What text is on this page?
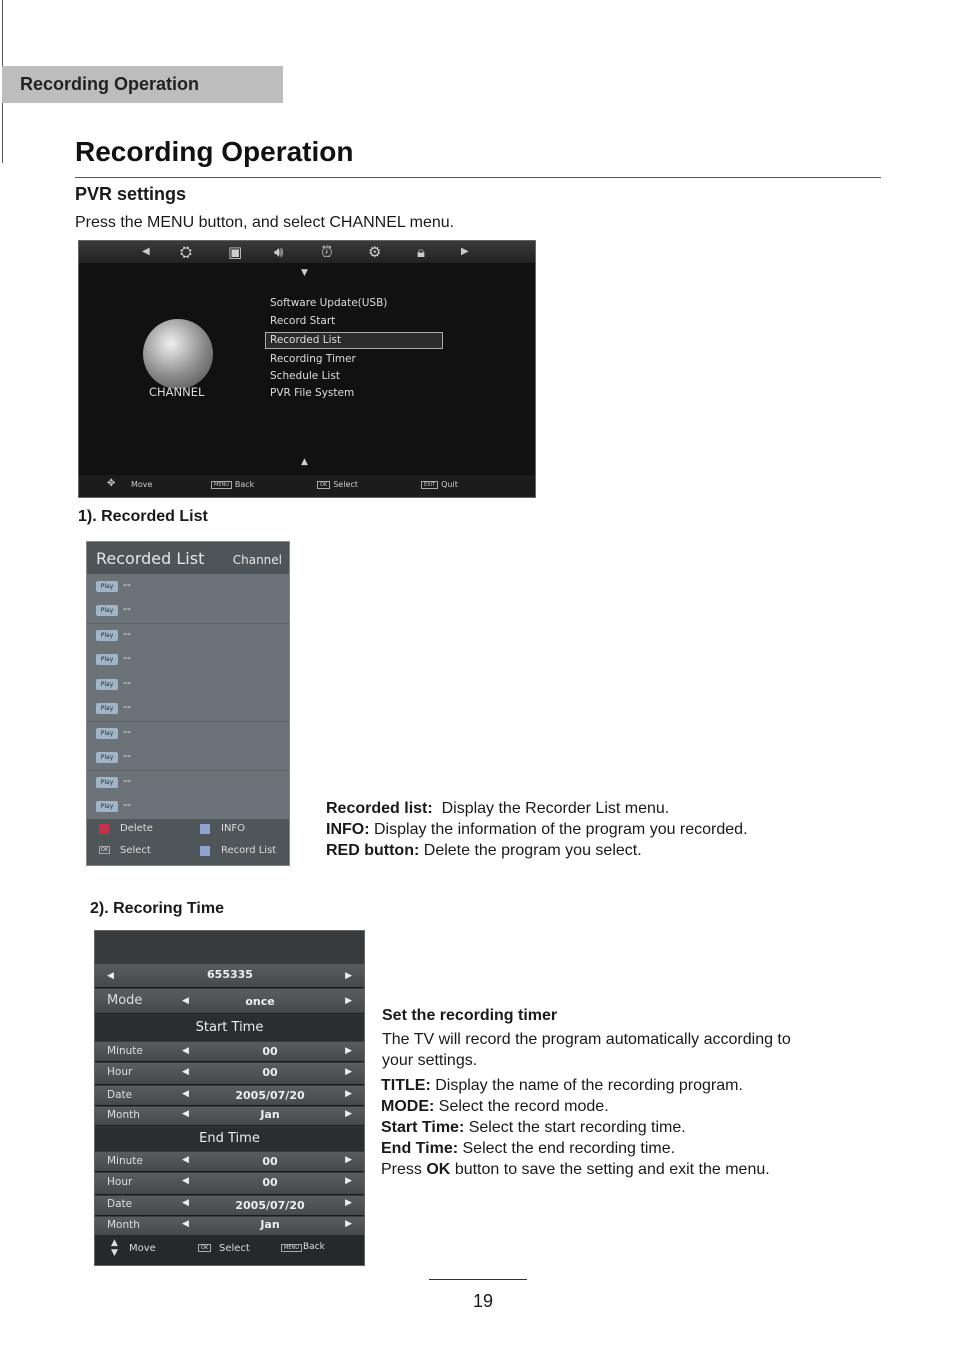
Recording Operation
Recording Operation
PVR settings
Press the MENU button, and select CHANNEL menu.
◀ ⛭ ▣ 🔊︎	⏰︎ ⚙ 🔒︎	▶
▼
CHANNEL
Software Update(USB)
Record Start
Recorded List
Recording Timer
Schedule List
PVR File System
▲
✥ Move	MENU Back	OK Select	EXIT Quit
1). Recorded List
Recorded List Channel
Play --
Play --
Play --
Play --
Play --
Play --
Play --
Play --
Play --
Play --
Delete	INFO
OK Select	Record List
Recorded list: Display the Recorder List menu.
INFO: Display the information of the program you recorded.
RED button: Delete the program you select.
2). Recoring Time
◀	655335	▶
Mode	◀	once	▶
Start Time
Minute	◀	00	▶
Hour	◀	00	▶
Date	◀	2005/07/20	▶
Month	◀	Jan	▶
End Time
Minute	◀	00	▶
Hour	◀	00	▶
Date	◀	2005/07/20	▶
Month	◀	Jan	▶
▲
▼ Move	OK	Select	MENU Back
Set the recording timer
The TV will record the program automatically according to your settings.
TITLE: Display the name of the recording program.
MODE: Select the record mode.
Start Time: Select the start recording time.
End Time: Select the end recording time.
Press OK button to save the setting and exit the menu.
19
